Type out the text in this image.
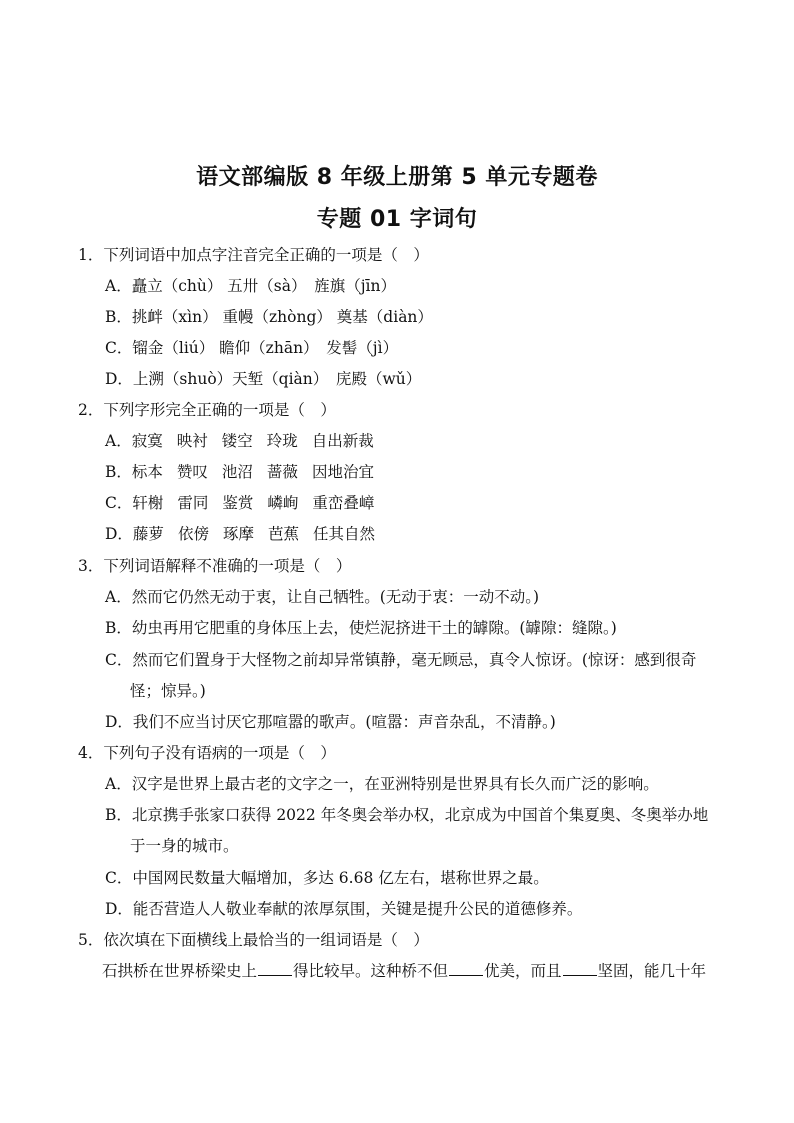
语文部编版 8 年级上册第 5 单元专题卷
专题 01 字词句
1．下列词语中加点字注音完全正确的一项是（　）
A．矗立（chù） 五卅（sà）　旌旗（jīn）
B．挑衅（xìn） 重幔（zhòng） 奠基（diàn）
C．镏金（liú） 瞻仰（zhān）　发髻（jì）
D．上溯（shuò）天堑（qiàn）　庑殿（wǔ）
2．下列字形完全正确的一项是（　）
A．寂寞 映衬 镂空 玲珑 自出新裁
B．标本 赞叹 池沼 蔷薇 因地治宜
C．轩榭 雷同 鉴赏 嶙峋 重峦叠嶂
D．藤萝 依傍 琢摩 芭蕉 任其自然
3．下列词语解释不准确的一项是（　）
A．然而它仍然无动于衷，让自己牺牲。(无动于衷：一动不动。)
B．幼虫再用它肥重的身体压上去，使烂泥挤进干土的罅隙。(罅隙：缝隙。)
C．然而它们置身于大怪物之前却异常镇静，毫无顾忌，真令人惊讶。(惊讶：感到很奇
怪；惊异。)
D．我们不应当讨厌它那喧嚣的歌声。(喧嚣：声音杂乱，不清静。)
4．下列句子没有语病的一项是（　）
A．汉字是世界上最古老的文字之一，在亚洲特别是世界具有长久而广泛的影响。
B．北京携手张家口获得 2022 年冬奥会举办权，北京成为中国首个集夏奥、冬奥举办地
于一身的城市。
C．中国网民数量大幅增加，多达 6.68 亿左右，堪称世界之最。
D．能否营造人人敬业奉献的浓厚氛围，关键是提升公民的道德修养。
5．依次填在下面横线上最恰当的一组词语是（　）
石拱桥在世界桥梁史上 得比较早。这种桥不但 优美，而且 坚固，能几十年
